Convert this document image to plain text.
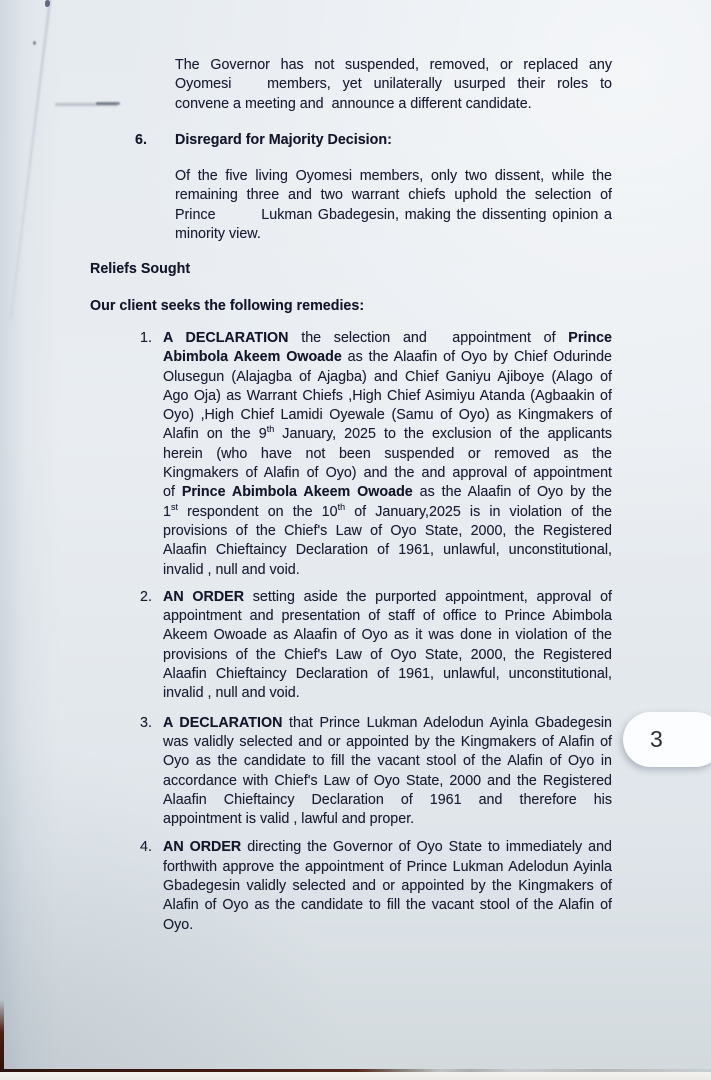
The Governor has not suspended, removed, or replaced any
Oyomesi   members, yet unilaterally usurped their roles to
convene a meeting and  announce a different candidate.
6. Disregard for Majority Decision:
Of the five living Oyomesi members, only two dissent, while the
remaining three and two warrant chiefs uphold the selection of
Prince        Lukman Gbadegesin, making the dissenting opinion a
minority view.
Reliefs Sought
Our client seeks the following remedies:
1. A DECLARATION the selection and  appointment of Prince
Abimbola Akeem Owoade as the Alaafin of Oyo by Chief Odurinde
Olusegun (Alajagba of Ajagba) and Chief Ganiyu Ajiboye (Alago of
Ago Oja) as Warrant Chiefs ,High Chief Asimiyu Atanda (Agbaakin of
Oyo) ,High Chief Lamidi Oyewale (Samu of Oyo) as Kingmakers of
Alafin on the 9th January, 2025 to the exclusion of the applicants
herein (who have not been suspended or removed as the
Kingmakers of Alafin of Oyo) and the and approval of appointment
of Prince Abimbola Akeem Owoade as the Alaafin of Oyo by the
1st respondent on the 10th of January,2025 is in violation of the
provisions of the Chief's Law of Oyo State, 2000, the Registered
Alaafin Chieftaincy Declaration of 1961, unlawful, unconstitutional,
invalid , null and void.
2. AN ORDER setting aside the purported appointment, approval of
appointment and presentation of staff of office to Prince Abimbola
Akeem Owoade as Alaafin of Oyo as it was done in violation of the
provisions of the Chief's Law of Oyo State, 2000, the Registered
Alaafin Chieftaincy Declaration of 1961, unlawful, unconstitutional,
invalid , null and void.
3. A DECLARATION that Prince Lukman Adelodun Ayinla Gbadegesin
was validly selected and or appointed by the Kingmakers of Alafin of
Oyo as the candidate to fill the vacant stool of the Alafin of Oyo in
accordance with Chief's Law of Oyo State, 2000 and the Registered
Alaafin Chieftaincy Declaration of 1961 and therefore his
appointment is valid , lawful and proper.
4. AN ORDER directing the Governor of Oyo State to immediately and
forthwith approve the appointment of Prince Lukman Adelodun Ayinla
Gbadegesin validly selected and or appointed by the Kingmakers of
Alafin of Oyo as the candidate to fill the vacant stool of the Alafin of
Oyo.
3
